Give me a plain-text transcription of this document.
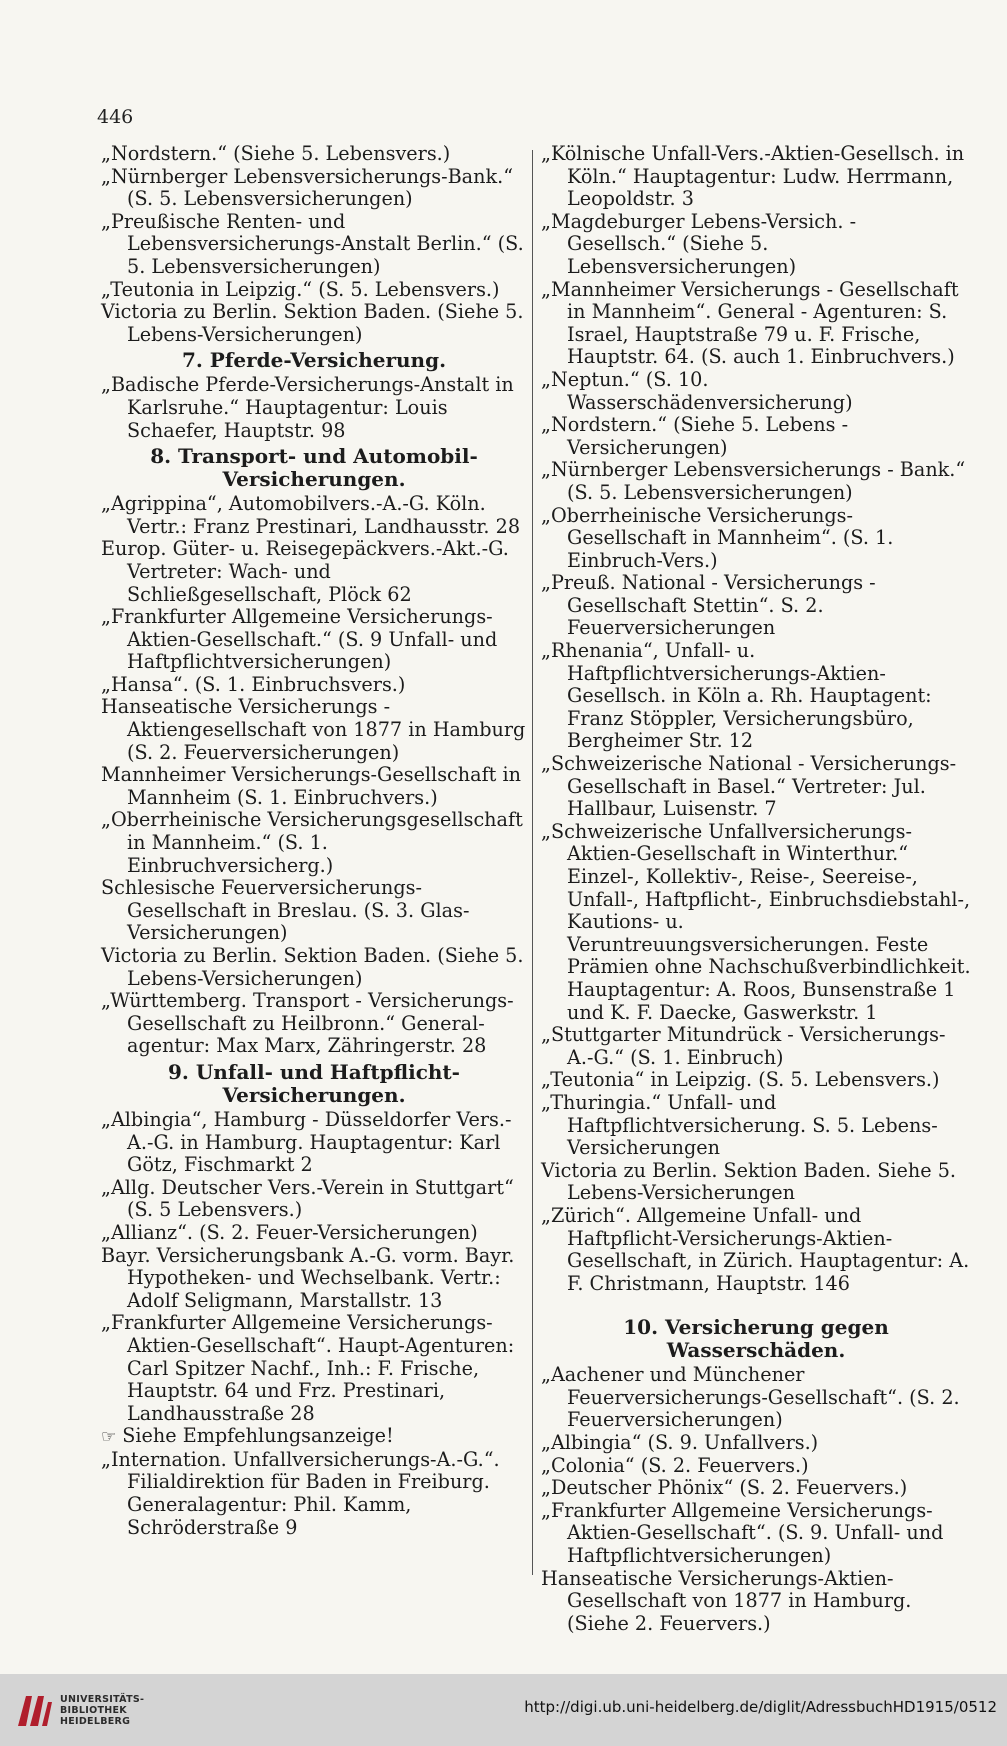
446

„Nordstern.“ (Siehe 5. Lebensvers.)

„Nürnberger Lebensversicherungs-Bank.“ (S. 5. Lebensversicherungen)

„Preußische Renten- und Lebensversicherungs-Anstalt Berlin.“ (S. 5. Lebensversicherungen)

„Teutonia in Leipzig.“ (S. 5. Lebensvers.)

Victoria zu Berlin. Sektion Baden. (Siehe 5. Lebens-Versicherungen)

7. Pferde-Versicherung.

„Badische Pferde-Versicherungs-Anstalt in Karlsruhe.“ Hauptagentur: Louis Schaefer, Hauptstr. 98

8. Transport- und Automobil-Versicherungen.

„Agrippina“, Automobilvers.-A.-G. Köln. Vertr.: Franz Prestinari, Landhausstr. 28

Europ. Güter- u. Reisegepäckvers.-Akt.-G. Vertreter: Wach- und Schließgesellschaft, Plöck 62

„Frankfurter Allgemeine Versicherungs-Aktien-Gesellschaft.“ (S. 9 Unfall- und Haftpflichtversicherungen)

„Hansa“. (S. 1. Einbruchsvers.)

Hanseatische Versicherungs - Aktiengesellschaft von 1877 in Hamburg (S. 2. Feuerversicherungen)

Mannheimer Versicherungs-Gesellschaft in Mannheim (S. 1. Einbruchvers.)

„Oberrheinische Versicherungsgesellschaft in Mannheim.“ (S. 1. Einbruchversicherg.)

Schlesische Feuerversicherungs-Gesellschaft in Breslau. (S. 3. Glas-Versicherungen)

Victoria zu Berlin. Sektion Baden. (Siehe 5. Lebens-Versicherungen)

„Württemberg. Transport - Versicherungs-Gesellschaft zu Heilbronn.“ General-agentur: Max Marx, Zähringerstr. 28

9. Unfall- und Haftpflicht-Versicherungen.

„Albingia“, Hamburg - Düsseldorfer Vers.-A.-G. in Hamburg. Hauptagentur: Karl Götz, Fischmarkt 2

„Allg. Deutscher Vers.-Verein in Stuttgart“ (S. 5 Lebensvers.)

„Allianz“. (S. 2. Feuer-Versicherungen)

Bayr. Versicherungsbank A.-G. vorm. Bayr. Hypotheken- und Wechselbank. Vertr.: Adolf Seligmann, Marstallstr. 13

„Frankfurter Allgemeine Versicherungs-Aktien-Gesellschaft“. Haupt-Agenturen: Carl Spitzer Nachf., Inh.: F. Frische, Hauptstr. 64 und Frz. Prestinari, Landhausstraße 28

☞ Siehe Empfehlungsanzeige!

„Internation. Unfallversicherungs-A.-G.“. Filialdirektion für Baden in Freiburg. Generalagentur: Phil. Kamm, Schröderstraße 9

„Kölnische Unfall-Vers.-Aktien-Gesellsch. in Köln.“ Hauptagentur: Ludw. Herrmann, Leopoldstr. 3

„Magdeburger Lebens-Versich. - Gesellsch.“ (Siehe 5. Lebensversicherungen)

„Mannheimer Versicherungs - Gesellschaft in Mannheim“. General - Agenturen: S. Israel, Hauptstraße 79 u. F. Frische, Hauptstr. 64. (S. auch 1. Einbruchvers.)

„Neptun.“ (S. 10. Wasserschädenversicherung)

„Nordstern.“ (Siehe 5. Lebens - Versicherungen)

„Nürnberger Lebensversicherungs - Bank.“ (S. 5. Lebensversicherungen)

„Oberrheinische Versicherungs-Gesellschaft in Mannheim“. (S. 1. Einbruch-Vers.)

„Preuß. National - Versicherungs - Gesellschaft Stettin“. S. 2. Feuerversicherungen

„Rhenania“, Unfall- u. Haftpflichtversicherungs-Aktien-Gesellsch. in Köln a. Rh. Hauptagent: Franz Stöppler, Versicherungsbüro, Bergheimer Str. 12

„Schweizerische National - Versicherungs-Gesellschaft in Basel.“ Vertreter: Jul. Hallbaur, Luisenstr. 7

„Schweizerische Unfallversicherungs-Aktien-Gesellschaft in Winterthur.“ Einzel-, Kollektiv-, Reise-, Seereise-, Unfall-, Haftpflicht-, Einbruchsdiebstahl-, Kautions- u. Veruntreuungsversicherungen. Feste Prämien ohne Nachschußverbindlichkeit. Hauptagentur: A. Roos, Bunsenstraße 1 und K. F. Daecke, Gaswerkstr. 1

„Stuttgarter Mitundrück - Versicherungs-A.-G.“ (S. 1. Einbruch)

„Teutonia“ in Leipzig. (S. 5. Lebensvers.)

„Thuringia.“ Unfall- und Haftpflichtversicherung. S. 5. Lebens-Versicherungen

Victoria zu Berlin. Sektion Baden. Siehe 5. Lebens-Versicherungen

„Zürich“. Allgemeine Unfall- und Haftpflicht-Versicherungs-Aktien-Gesellschaft, in Zürich. Hauptagentur: A. F. Christmann, Hauptstr. 146

10. Versicherung gegen Wasserschäden.

„Aachener und Münchener Feuerversicherungs-Gesellschaft“. (S. 2. Feuerversicherungen)

„Albingia“ (S. 9. Unfallvers.)

„Colonia“ (S. 2. Feuervers.)

„Deutscher Phönix“ (S. 2. Feuervers.)

„Frankfurter Allgemeine Versicherungs-Aktien-Gesellschaft“. (S. 9. Unfall- und Haftpflichtversicherungen)

Hanseatische Versicherungs-Aktien-Gesellschaft von 1877 in Hamburg. (Siehe 2. Feuervers.)

UNIVERSITÄTS-
BIBLIOTHEK
HEIDELBERG
http://digi.ub.uni-heidelberg.de/diglit/AdressbuchHD1915/0512
